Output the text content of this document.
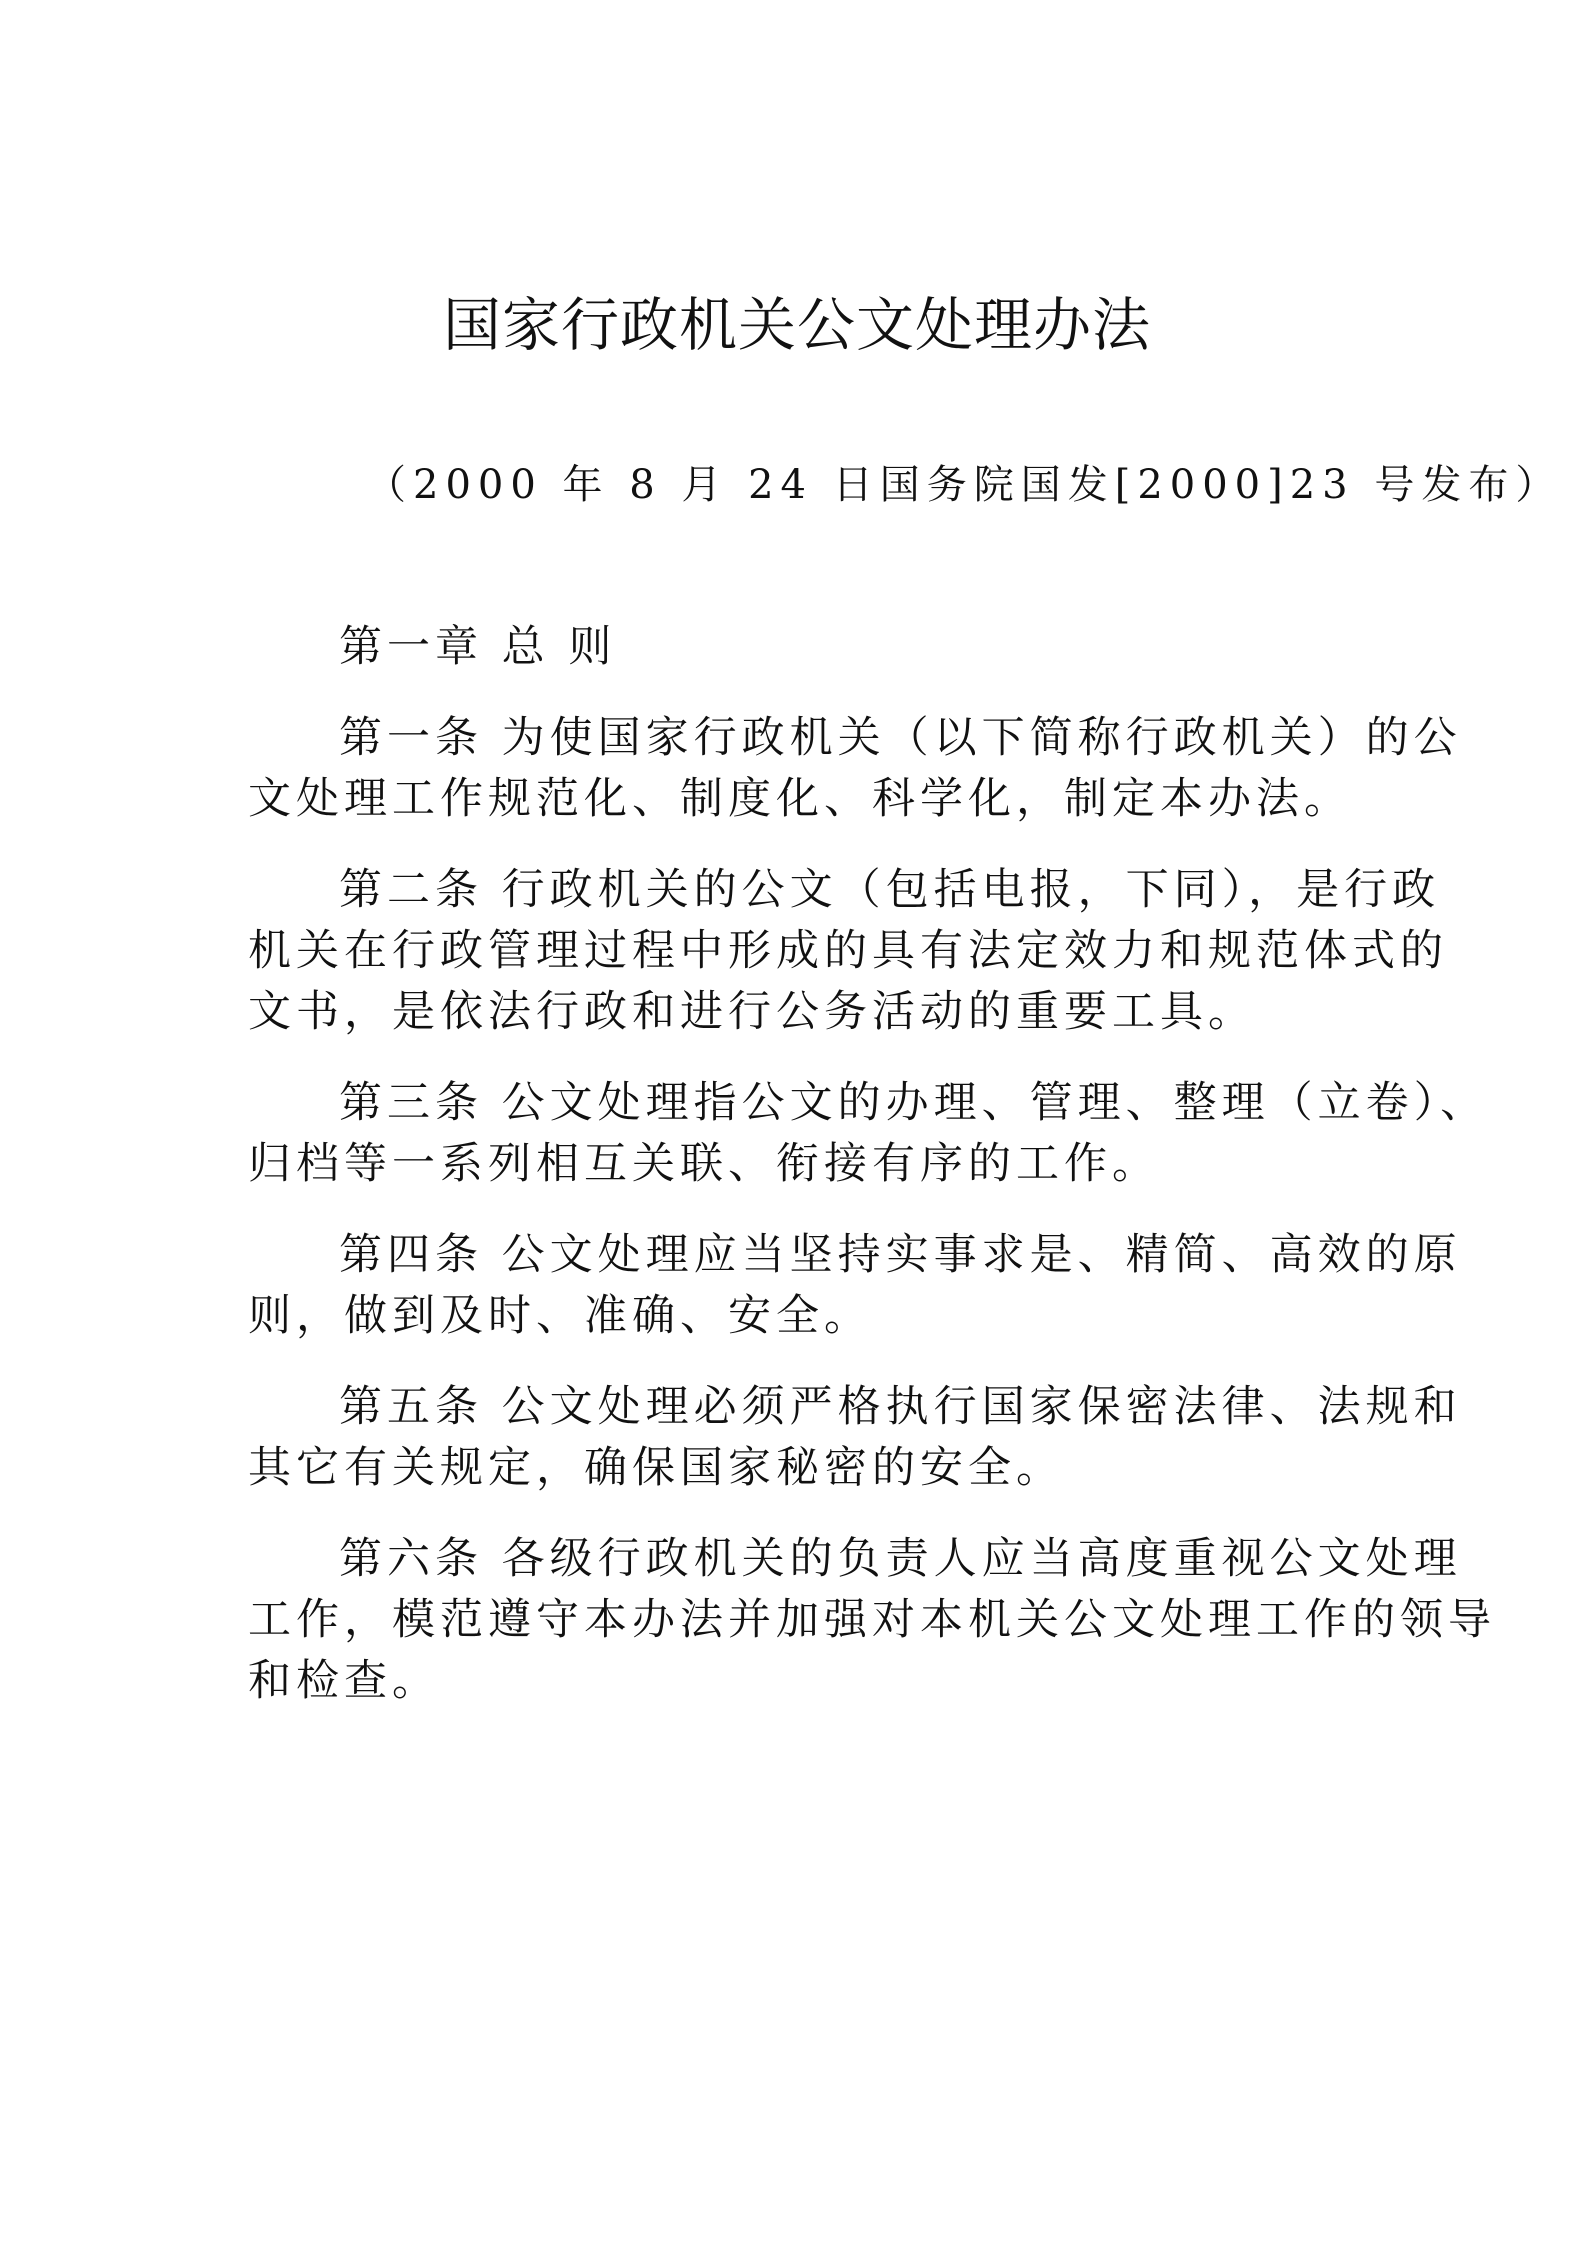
国家行政机关公文处理办法

（2000 年 8 月 24 日国务院国发[2000]23 号发布）

第一章 总 则
第一条 为使国家行政机关（以下简称行政机关）的公
文处理工作规范化、制度化、科学化，制定本办法。
第二条 行政机关的公文（包括电报，下同），是行政
机关在行政管理过程中形成的具有法定效力和规范体式的
文书，是依法行政和进行公务活动的重要工具。
第三条 公文处理指公文的办理、管理、整理（立卷）、
归档等一系列相互关联、衔接有序的工作。
第四条 公文处理应当坚持实事求是、精简、高效的原
则，做到及时、准确、安全。
第五条 公文处理必须严格执行国家保密法律、法规和
其它有关规定，确保国家秘密的安全。
第六条 各级行政机关的负责人应当高度重视公文处理
工作，模范遵守本办法并加强对本机关公文处理工作的领导
和检查。
